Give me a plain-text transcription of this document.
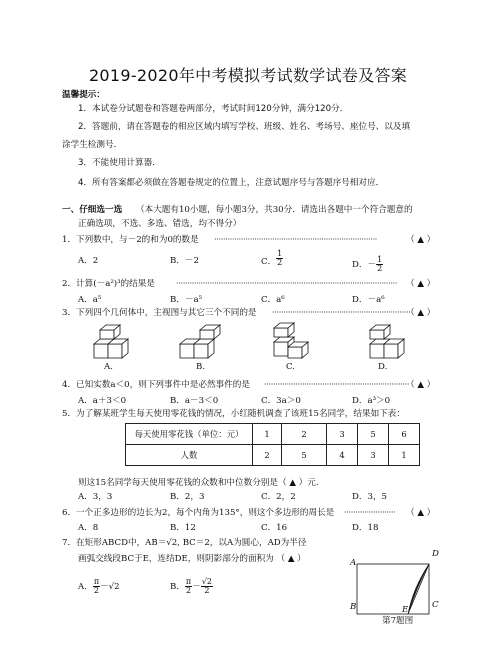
2019-2020年中考模拟考试数学试卷及答案
温馨提示：
1．本试卷分试题卷和答题卷两部分，考试时间120分钟，满分120分．
2．答题前，请在答题卷的相应区域内填写学校、班级、姓名、考场号、座位号、以及填
涂学生检测号．
3．不能使用计算器．
4．所有答案都必须做在答题卷规定的位置上，注意试题序号与答题序号相对应．
一、仔细选一选 （本大题有10小题，每小题3分，共30分．请选出各题中一个符合题意的
正确选项，不选、多选、错选，均不得分）
1．下列数中，与－2的和为0的数是 ·········································································	（ ▲ ）
A．2	B．－2	C． $\frac{1}{2}$	D．－ $\frac{1}{2}$
2．计算(－a²)³的结果是 ··································································································· （ ▲ ）
A．a⁵	B．－a⁵	C．a⁶	D．－a⁶
3．下列四个几何体中，主视图与其它三个不同的是 ······························································
（ ▲ ）
A.	B.	C.	D.
4．已知实数a＜0，则下列事件中是必然事件的是 ·································································
（ ▲ ）
A．a＋3＜0	B．a－3＜0	C．3a＞0	D．a³＞0
5．为了解某班学生每天使用零花钱的情况，小红随机调查了该班15名同学，结果如下表：
每天使用零花钱（单位：元）	1	2	3	5	6
人数	2	5	4	3	1
则这15名同学每天使用零花钱的众数和中位数分别是（ ▲ ）元.
A．3，3	B．2，3	C．2，2	D．3，5
6．一个正多边形的边长为2，每个内角为135°，则这个多边形的周长是 ······················· （ ▲ ）
A．8	B．12	C．16	D．18
7．在矩形ABCD中，AB＝√2, BC＝2，以A为圆心，AD为半径
画弧交线段BC于E，连结DE，则阴影部分的面积为 （ ▲ ）
A． $\frac{\pi}{2} -√2$	B． $\frac{\pi}{2} - \frac{√2}{2}$
A
D
B	C
E
第7题图
